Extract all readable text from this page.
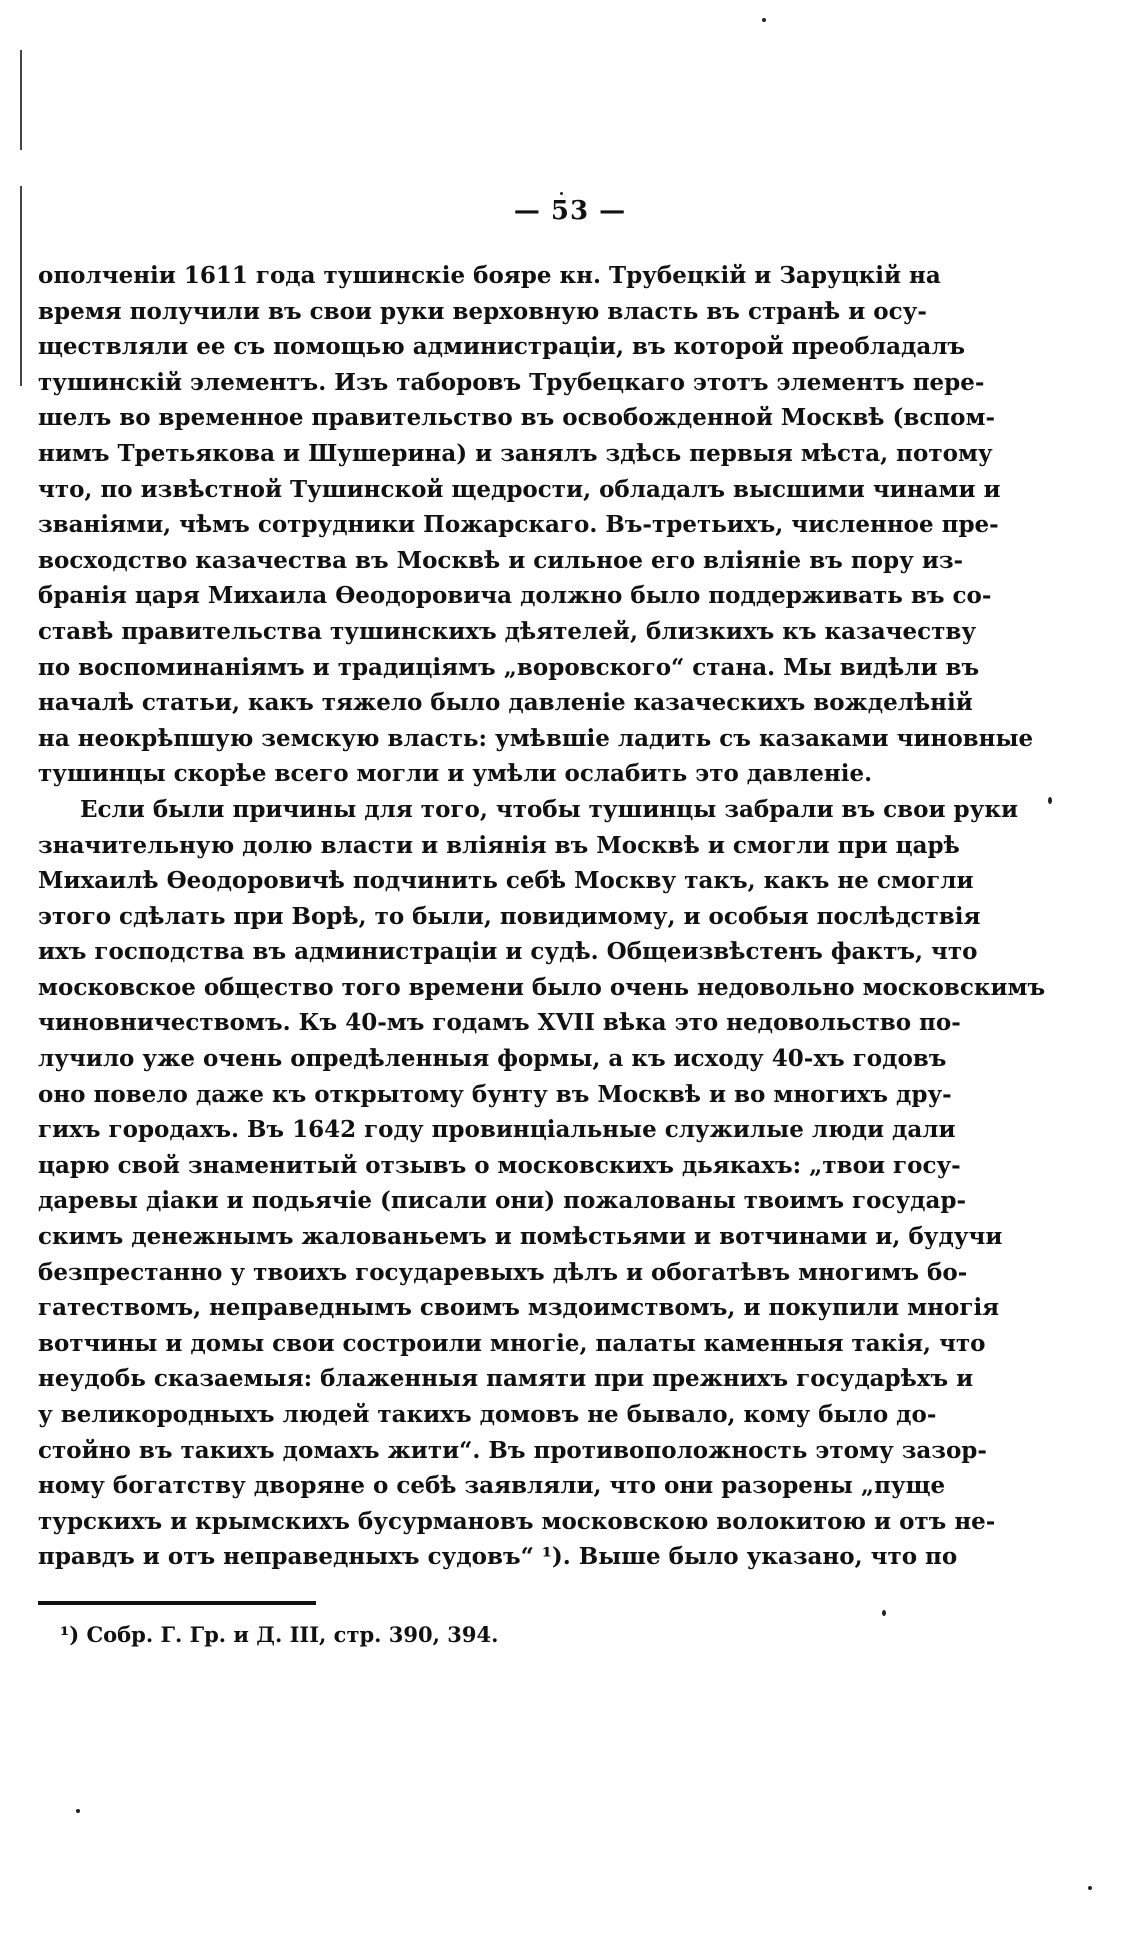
— 53 —
ополченіи 1611 года тушинскіе бояре кн. Трубецкій и Заруцкій на
время получили въ свои руки верховную власть въ странѣ и осу-
ществляли ее съ помощью администраціи, въ которой преобладалъ
тушинскій элементъ. Изъ таборовъ Трубецкаго этотъ элементъ пере-
шелъ во временное правительство въ освобожденной Москвѣ (вспом-
нимъ Третьякова и Шушерина) и занялъ здѣсь первыя мѣста, потому
что, по извѣстной Тушинской щедрости, обладалъ высшими чинами и
званіями, чѣмъ сотрудники Пожарскаго. Въ-третьихъ, численное пре-
восходство казачества въ Москвѣ и сильное его вліяніе въ пору из-
бранія царя Михаила Ѳеодоровича должно было поддерживать въ со-
ставѣ правительства тушинскихъ дѣятелей, близкихъ къ казачеству
по воспоминаніямъ и традиціямъ „воровского“ стана. Мы видѣли въ
началѣ статьи, какъ тяжело было давленіе казаческихъ вожделѣній
на неокрѣпшую земскую власть: умѣвшіе ладить съ казаками чиновные
тушинцы скорѣе всего могли и умѣли ослабить это давленіе.
Если были причины для того, чтобы тушинцы забрали въ свои руки
значительную долю власти и вліянія въ Москвѣ и смогли при царѣ
Михаилѣ Ѳеодоровичѣ подчинить себѣ Москву такъ, какъ не смогли
этого сдѣлать при Ворѣ, то были, повидимому, и особыя послѣдствія
ихъ господства въ администраціи и судѣ. Общеизвѣстенъ фактъ, что
московское общество того времени было очень недовольно московскимъ
чиновничествомъ. Къ 40-мъ годамъ XVII вѣка это недовольство по-
лучило уже очень опредѣленныя формы, а къ исходу 40-хъ годовъ
оно повело даже къ открытому бунту въ Москвѣ и во многихъ дру-
гихъ городахъ. Въ 1642 году провинціальные служилые люди дали
царю свой знаменитый отзывъ о московскихъ дьякахъ: „твои госу-
даревы діаки и подьячіе (писали они) пожалованы твоимъ государ-
скимъ денежнымъ жалованьемъ и помѣстьями и вотчинами и, будучи
безпрестанно у твоихъ государевыхъ дѣлъ и обогатѣвъ многимъ бо-
гатествомъ, неправеднымъ своимъ мздоимствомъ, и покупили многія
вотчины и домы свои состроили многіе, палаты каменныя такія, что
неудобь сказаемыя: блаженныя памяти при прежнихъ государѣхъ и
у великородныхъ людей такихъ домовъ не бывало, кому было до-
стойно въ такихъ домахъ жити“. Въ противоположность этому зазор-
ному богатству дворяне о себѣ заявляли, что они разорены „пуще
турскихъ и крымскихъ бусурмановъ московскою волокитою и отъ не-
правдъ и отъ неправедныхъ судовъ“ ¹). Выше было указано, что по
¹) Собр. Г. Гр. и Д. III, стр. 390, 394.
